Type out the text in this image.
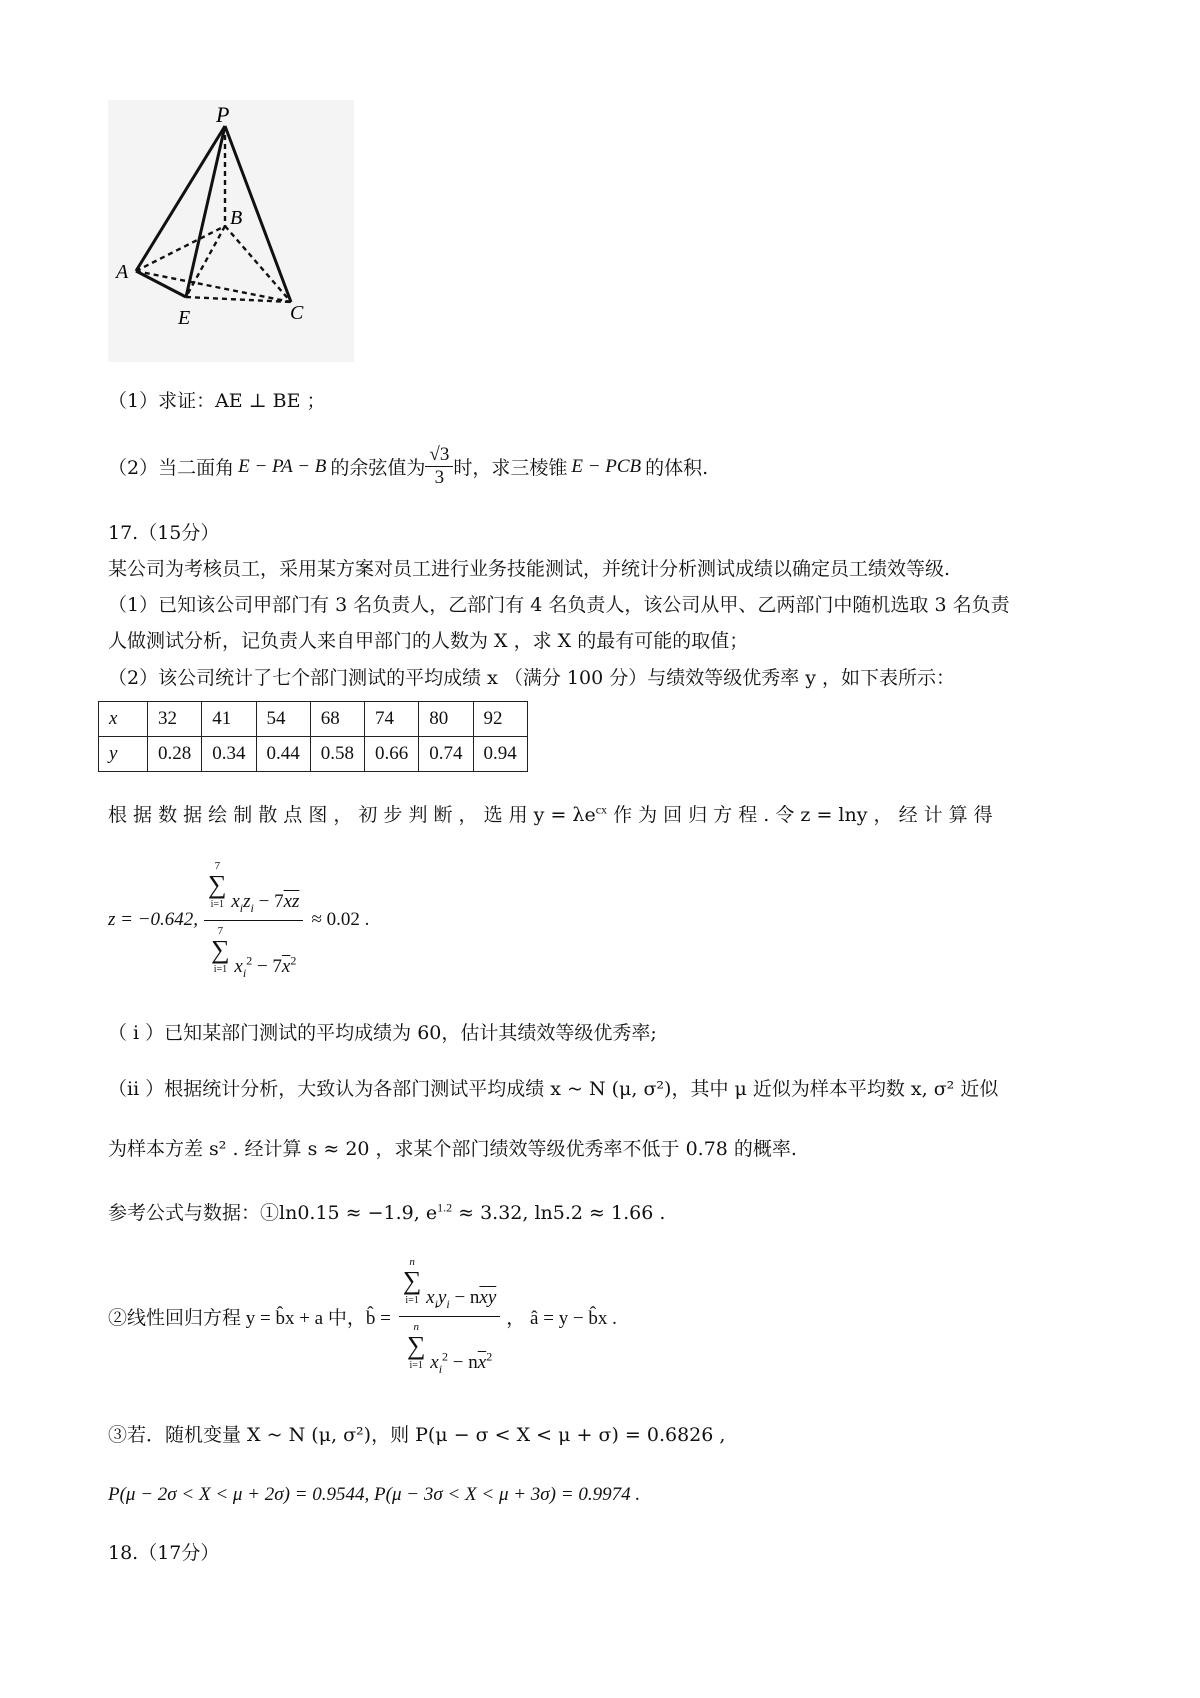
P
B
A
E	C
（1）求证：AE ⊥ BE ；
（2）当二面角 E − PA − B 的余弦值为 $\frac{√3}{3}$ 时，求三棱锥 E − PCB 的体积.
17.（15分）
某公司为考核员工，采用某方案对员工进行业务技能测试，并统计分析测试成绩以确定员工绩效等级.
（1）已知该公司甲部门有 3 名负责人，乙部门有 4 名负责人，该公司从甲、乙两部门中随机选取 3 名负责
人做测试分析，记负责人来自甲部门的人数为 X ，求 X 的最有可能的取值；
（2）该公司统计了七个部门测试的平均成绩 x （满分 100 分）与绩效等级优秀率 y ，如下表所示：
x	32	41	54	68	74	80	92
y	0.28	0.34	0.44	0.58	0.66	0.74	0.94
根 据 数 据 绘 制 散 点 图 ， 初 步 判 断 ， 选 用 $y = \lambda e^{cx}$ 作 为 回 归 方 程 . 令 z = lny ， 经 计 算 得
z = −0.642, 7
∑
i=1 $x_iz_i - 7\overline{x}\overline{z}$
7
∑
i=1 $x_i^2 - 7\overline{x}^2 \approx 0.02$ .
（ i ）已知某部门测试的平均成绩为 60，估计其绩效等级优秀率;
（ii ）根据统计分析，大致认为各部门测试平均成绩 x ~ N (μ, σ²)，其中 μ 近似为样本平均数 x, σ² 近似
为样本方差 s² . 经计算 s ≈ 20 ，求某个部门绩效等级优秀率不低于 0.78 的概率.
参考公式与数据：①ln0.15 ≈ −1.9, $e^{1.2} \approx 3.32$, ln5.2 ≈ 1.66 .
②线性回归方程 y = b̂x + a 中，b̂ = n
∑
i=1 $x_iy_i - n\overline{x}\overline{y}$
n
∑
i=1 $x_i^2 - n\overline{x}^2$ ， â = y − b̂x .
③若．随机变量 X ~ N (μ, σ²)，则 P(μ − σ < X < μ + σ) = 0.6826 ,
P(μ − 2σ < X < μ + 2σ) = 0.9544, P(μ − 3σ < X < μ + 3σ) = 0.9974 .
18.（17分）
